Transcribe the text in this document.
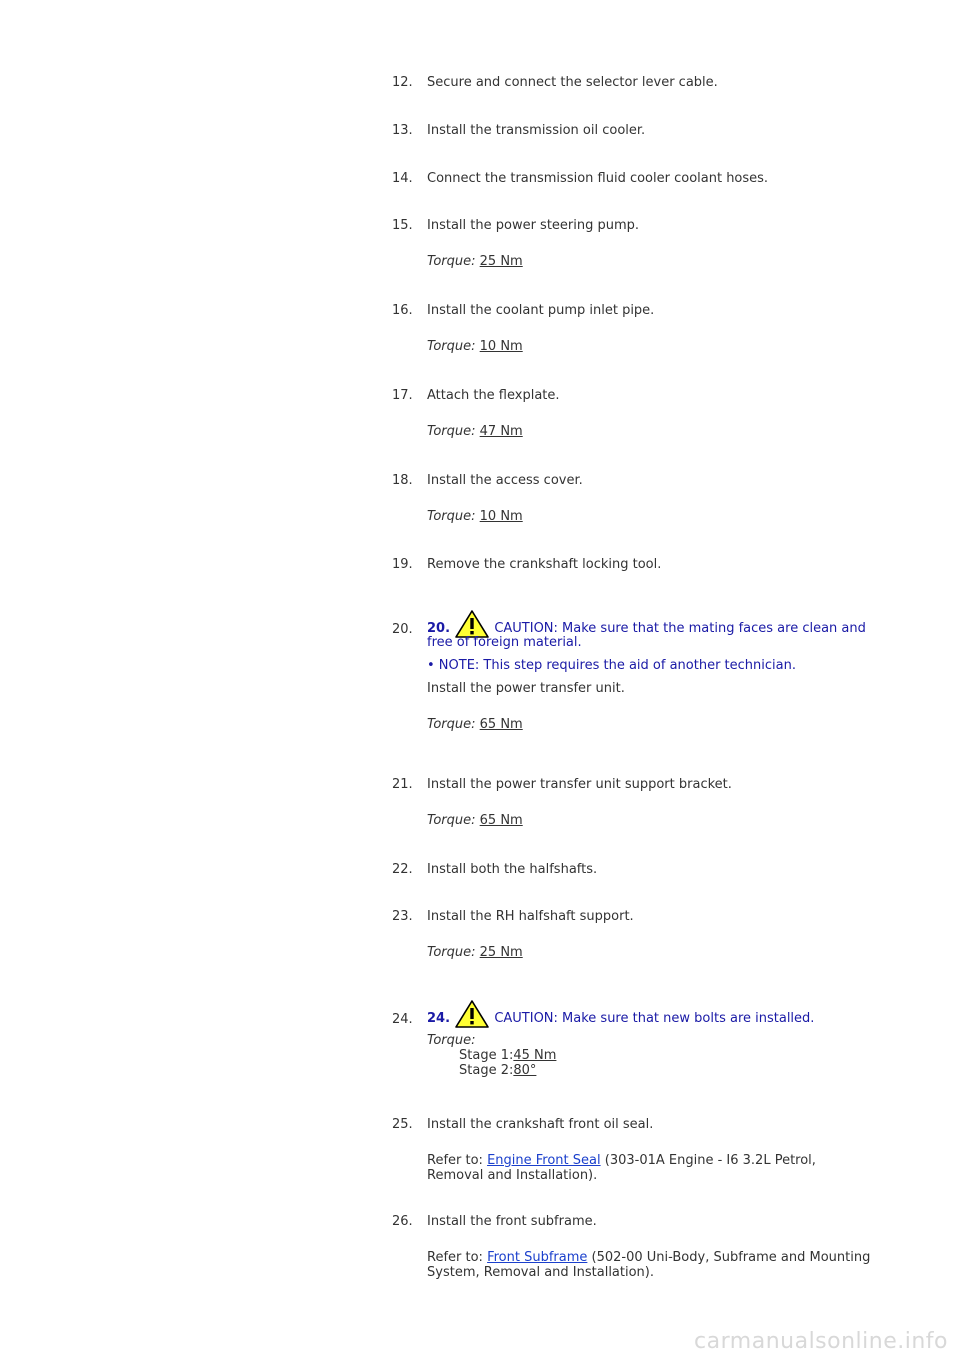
12.	Secure and connect the selector lever cable.
13.	Install the transmission oil cooler.
14.	Connect the transmission fluid cooler coolant hoses.
15.	Install the power steering pump.
Torque: 25 Nm
16.	Install the coolant pump inlet pipe.
Torque: 10 Nm
17.	Attach the flexplate.
Torque: 47 Nm
18.	Install the access cover.
Torque: 10 Nm
19.	Remove the crankshaft locking tool.
20.	20.	CAUTION: Make sure that the mating faces are clean and
free of foreign material.
• NOTE: This step requires the aid of another technician.
Install the power transfer unit.
Torque: 65 Nm
21.	Install the power transfer unit support bracket.
Torque: 65 Nm
22.	Install both the halfshafts.
23.	Install the RH halfshaft support.
Torque: 25 Nm
24.	24.	CAUTION: Make sure that new bolts are installed.
Torque:
Stage 1:45 Nm
Stage 2:80°
25.	Install the crankshaft front oil seal.
Refer to: Engine Front Seal (303-01A Engine - I6 3.2L Petrol,
Removal and Installation).
26.	Install the front subframe.
Refer to: Front Subframe (502-00 Uni-Body, Subframe and Mounting
System, Removal and Installation).
carmanualsonline.info
